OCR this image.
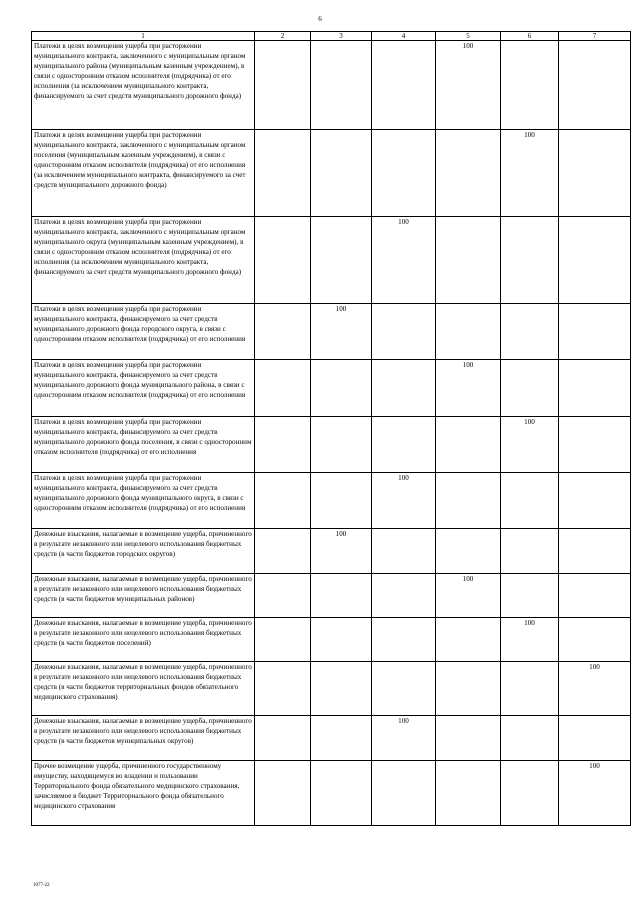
6
1	2	3	4	5	6	7
Платежи в целях возмещения ущерба при расторжении муниципального контракта, заключенного с муниципальным органом муниципального района (муниципальным казенным учреждением), в связи с односторонним отказом исполнителя (подрядчика) от его исполнения (за исключением муниципального контракта, финансируемого за счет средств муниципального дорожного фонда)				100		
Платежи в целях возмещения ущерба при расторжении муниципального контракта, заключенного с муниципальным органом поселения (муниципальным казенным учреждением), в связи с односторонним отказом исполнителя (подрядчика) от его исполнения (за исключением муниципального контракта, финансируемого за счет средств муниципального дорожного фонда)					100	
Платежи в целях возмещения ущерба при расторжении муниципального контракта, заключенного с муниципальным органом муниципального округа (муниципальным казенным учреждением), в связи с односторонним отказом исполнителя (подрядчика) от его исполнения (за исключением муниципального контракта, финансируемого за счет средств муниципального дорожного фонда)			100			
Платежи в целях возмещения ущерба при расторжении муниципального контракта, финансируемого за счет средств муниципального дорожного фонда городского округа, в связи с односторонним отказом исполнителя (подрядчика) от его исполнения		100				
Платежи в целях возмещения ущерба при расторжении муниципального контракта, финансируемого за счет средств муниципального дорожного фонда муниципального района, в связи с односторонним отказом исполнителя (подрядчика) от его исполнения				100		
Платежи в целях возмещения ущерба при расторжении муниципального контракта, финансируемого за счет средств муниципального дорожного фонда поселения, в связи с односторонним отказом исполнителя (подрядчика) от его исполнения					100	
Платежи в целях возмещения ущерба при расторжении муниципального контракта, финансируемого за счет средств муниципального дорожного фонда муниципального округа, в связи с односторонним отказом исполнителя (подрядчика) от его исполнения			100			
Денежные взыскания, налагаемые в возмещение ущерба, причиненного в результате незаконного или нецелевого использования бюджетных средств (в части бюджетов городских округов)		100				
Денежные взыскания, налагаемые в возмещение ущерба, причиненного в результате незаконного или нецелевого использования бюджетных средств (в части бюджетов муниципальных районов)				100		
Денежные взыскания, налагаемые в возмещение ущерба, причиненного в результате незаконного или нецелевого использования бюджетных средств (в части бюджетов поселений)					100	
Денежные взыскания, налагаемые в возмещение ущерба, причиненного в результате незаконного или нецелевого использования бюджетных средств (в части бюджетов территориальных фондов обязательного медицинского страхования)						100
Денежные взыскания, налагаемые в возмещение ущерба, причиненного в результате незаконного или нецелевого использования бюджетных средств (в части бюджетов муниципальных округов)			100			
Прочее возмещение ущерба, причиненного государственному имуществу, находящемуся во владении и пользовании Территориального фонда обязательного медицинского страхования, зачисляемое в бюджет Территориального фонда обязательного медицинского страхования						100
1077-22
